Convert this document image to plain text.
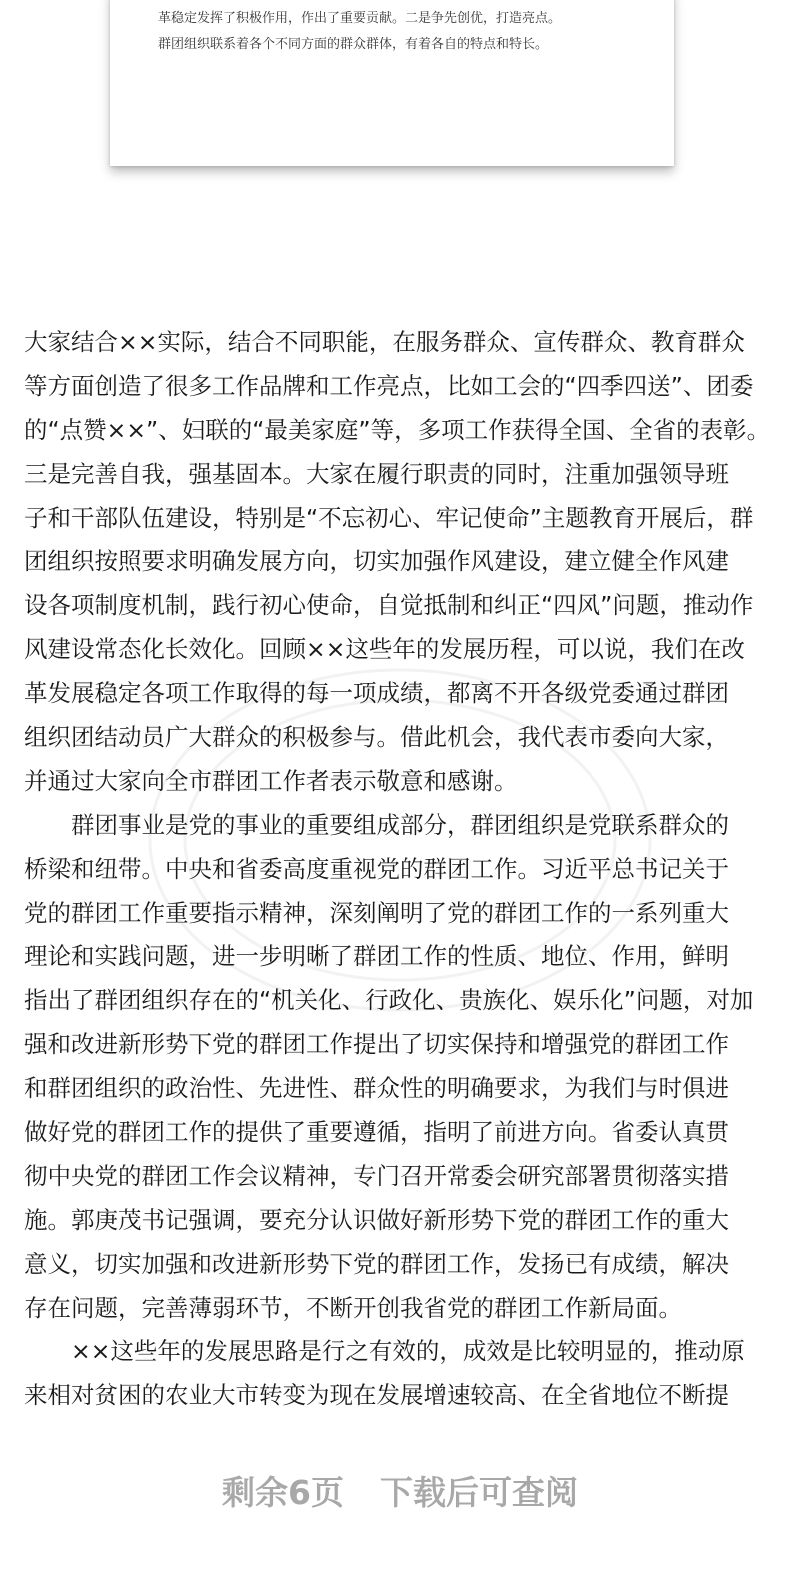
革稳定发挥了积极作用，作出了重要贡献。二是争先创优，打造亮点。
群团组织联系着各个不同方面的群众群体，有着各自的特点和特长。
大家结合××实际，结合不同职能，在服务群众、宣传群众、教育群众
等方面创造了很多工作品牌和工作亮点，比如工会的“四季四送”、团委
的“点赞××”、妇联的“最美家庭”等，多项工作获得全国、全省的表彰。
三是完善自我，强基固本。大家在履行职责的同时，注重加强领导班
子和干部队伍建设，特别是“不忘初心、牢记使命”主题教育开展后，群
团组织按照要求明确发展方向，切实加强作风建设，建立健全作风建
设各项制度机制，践行初心使命，自觉抵制和纠正“四风”问题，推动作
风建设常态化长效化。回顾××这些年的发展历程，可以说，我们在改
革发展稳定各项工作取得的每一项成绩，都离不开各级党委通过群团
组织团结动员广大群众的积极参与。借此机会，我代表市委向大家，
并通过大家向全市群团工作者表示敬意和感谢。
群团事业是党的事业的重要组成部分，群团组织是党联系群众的
桥梁和纽带。中央和省委高度重视党的群团工作。习近平总书记关于
党的群团工作重要指示精神，深刻阐明了党的群团工作的一系列重大
理论和实践问题，进一步明晰了群团工作的性质、地位、作用，鲜明
指出了群团组织存在的“机关化、行政化、贵族化、娱乐化”问题，对加
强和改进新形势下党的群团工作提出了切实保持和增强党的群团工作
和群团组织的政治性、先进性、群众性的明确要求，为我们与时俱进
做好党的群团工作的提供了重要遵循，指明了前进方向。省委认真贯
彻中央党的群团工作会议精神，专门召开常委会研究部署贯彻落实措
施。郭庚茂书记强调，要充分认识做好新形势下党的群团工作的重大
意义，切实加强和改进新形势下党的群团工作，发扬已有成绩，解决
存在问题，完善薄弱环节，不断开创我省党的群团工作新局面。
××这些年的发展思路是行之有效的，成效是比较明显的，推动原
来相对贫困的农业大市转变为现在发展增速较高、在全省地位不断提
剩余6页 下载后可查阅
